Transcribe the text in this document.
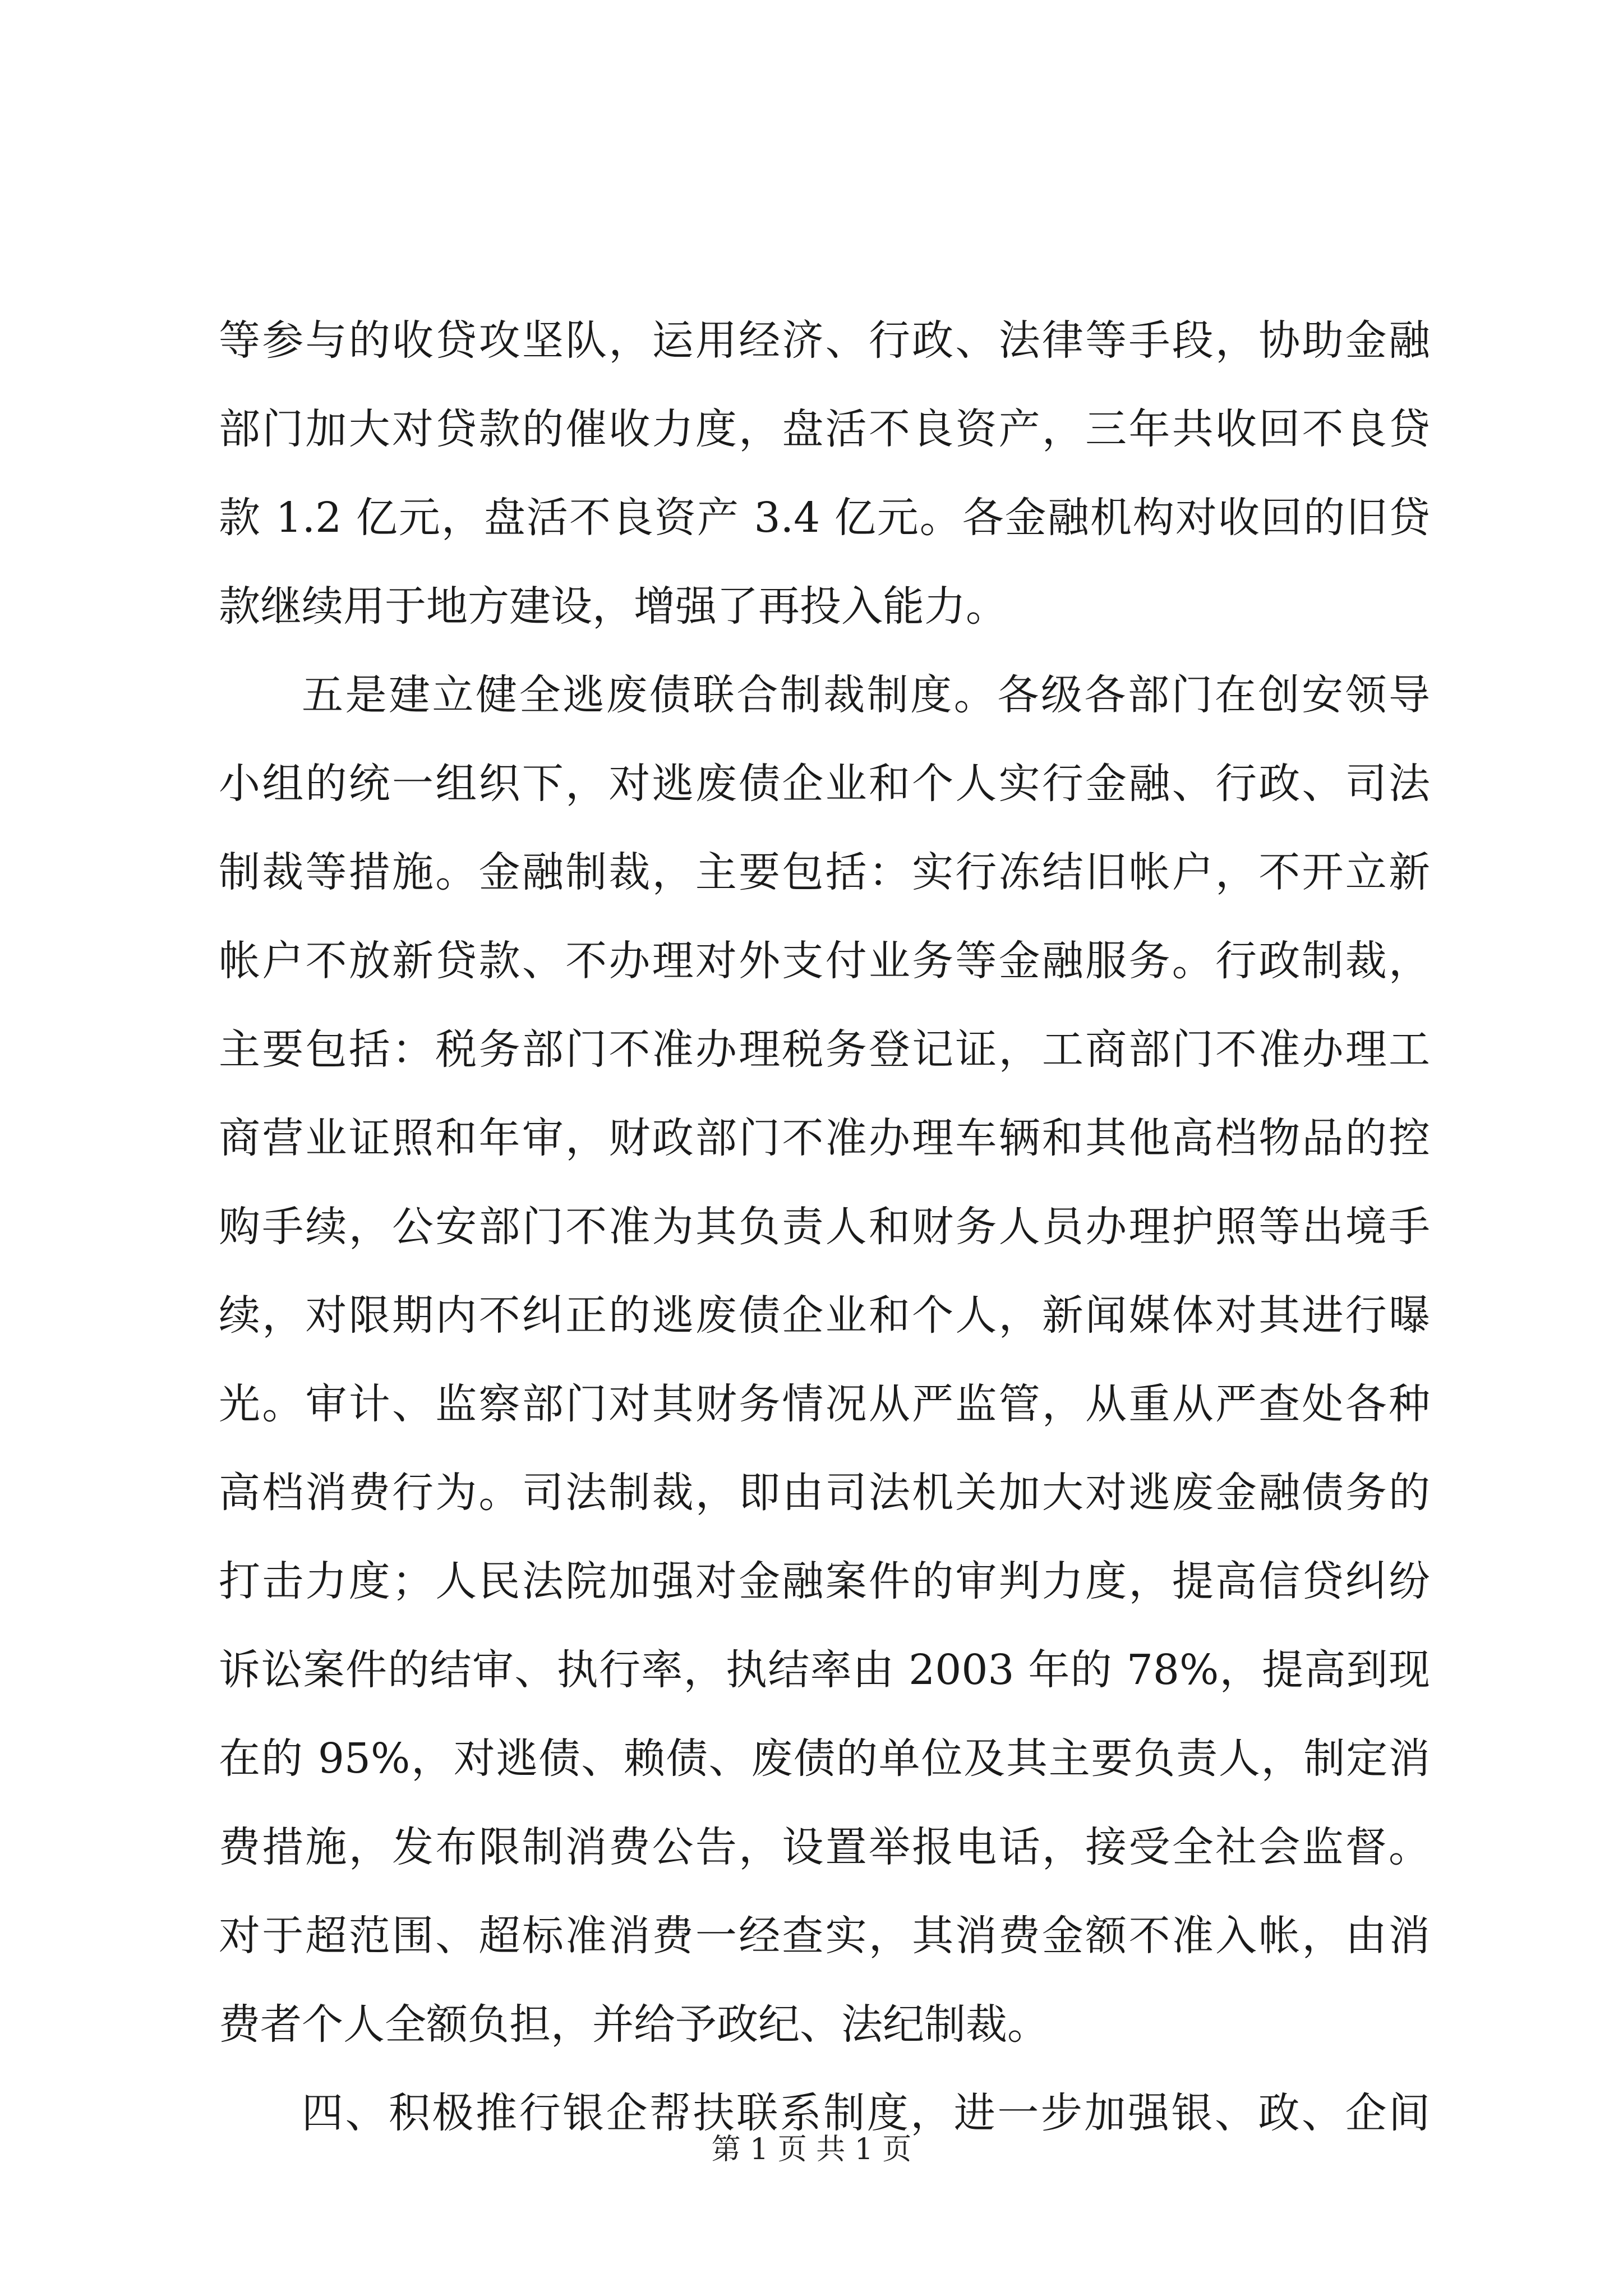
等参与的收贷攻坚队，运用经济、行政、法律等手段，协助金融
部门加大对贷款的催收力度，盘活不良资产，三年共收回不良贷
款 1.2 亿元，盘活不良资产 3.4 亿元。各金融机构对收回的旧贷
款继续用于地方建设，增强了再投入能力。
五是建立健全逃废债联合制裁制度。各级各部门在创安领导
小组的统一组织下，对逃废债企业和个人实行金融、行政、司法
制裁等措施。金融制裁，主要包括：实行冻结旧帐户，不开立新
帐户不放新贷款、不办理对外支付业务等金融服务。行政制裁，
主要包括：税务部门不准办理税务登记证，工商部门不准办理工
商营业证照和年审，财政部门不准办理车辆和其他高档物品的控
购手续，公安部门不准为其负责人和财务人员办理护照等出境手
续，对限期内不纠正的逃废债企业和个人，新闻媒体对其进行曝
光。审计、监察部门对其财务情况从严监管，从重从严查处各种
高档消费行为。司法制裁，即由司法机关加大对逃废金融债务的
打击力度；人民法院加强对金融案件的审判力度，提高信贷纠纷
诉讼案件的结审、执行率，执结率由 2003 年的 78%，提高到现
在的 95%，对逃债、赖债、废债的单位及其主要负责人，制定消
费措施，发布限制消费公告，设置举报电话，接受全社会监督。
对于超范围、超标准消费一经查实，其消费金额不准入帐，由消
费者个人全额负担，并给予政纪、法纪制裁。
四、积极推行银企帮扶联系制度，进一步加强银、政、企间
第 1 页 共 1 页
